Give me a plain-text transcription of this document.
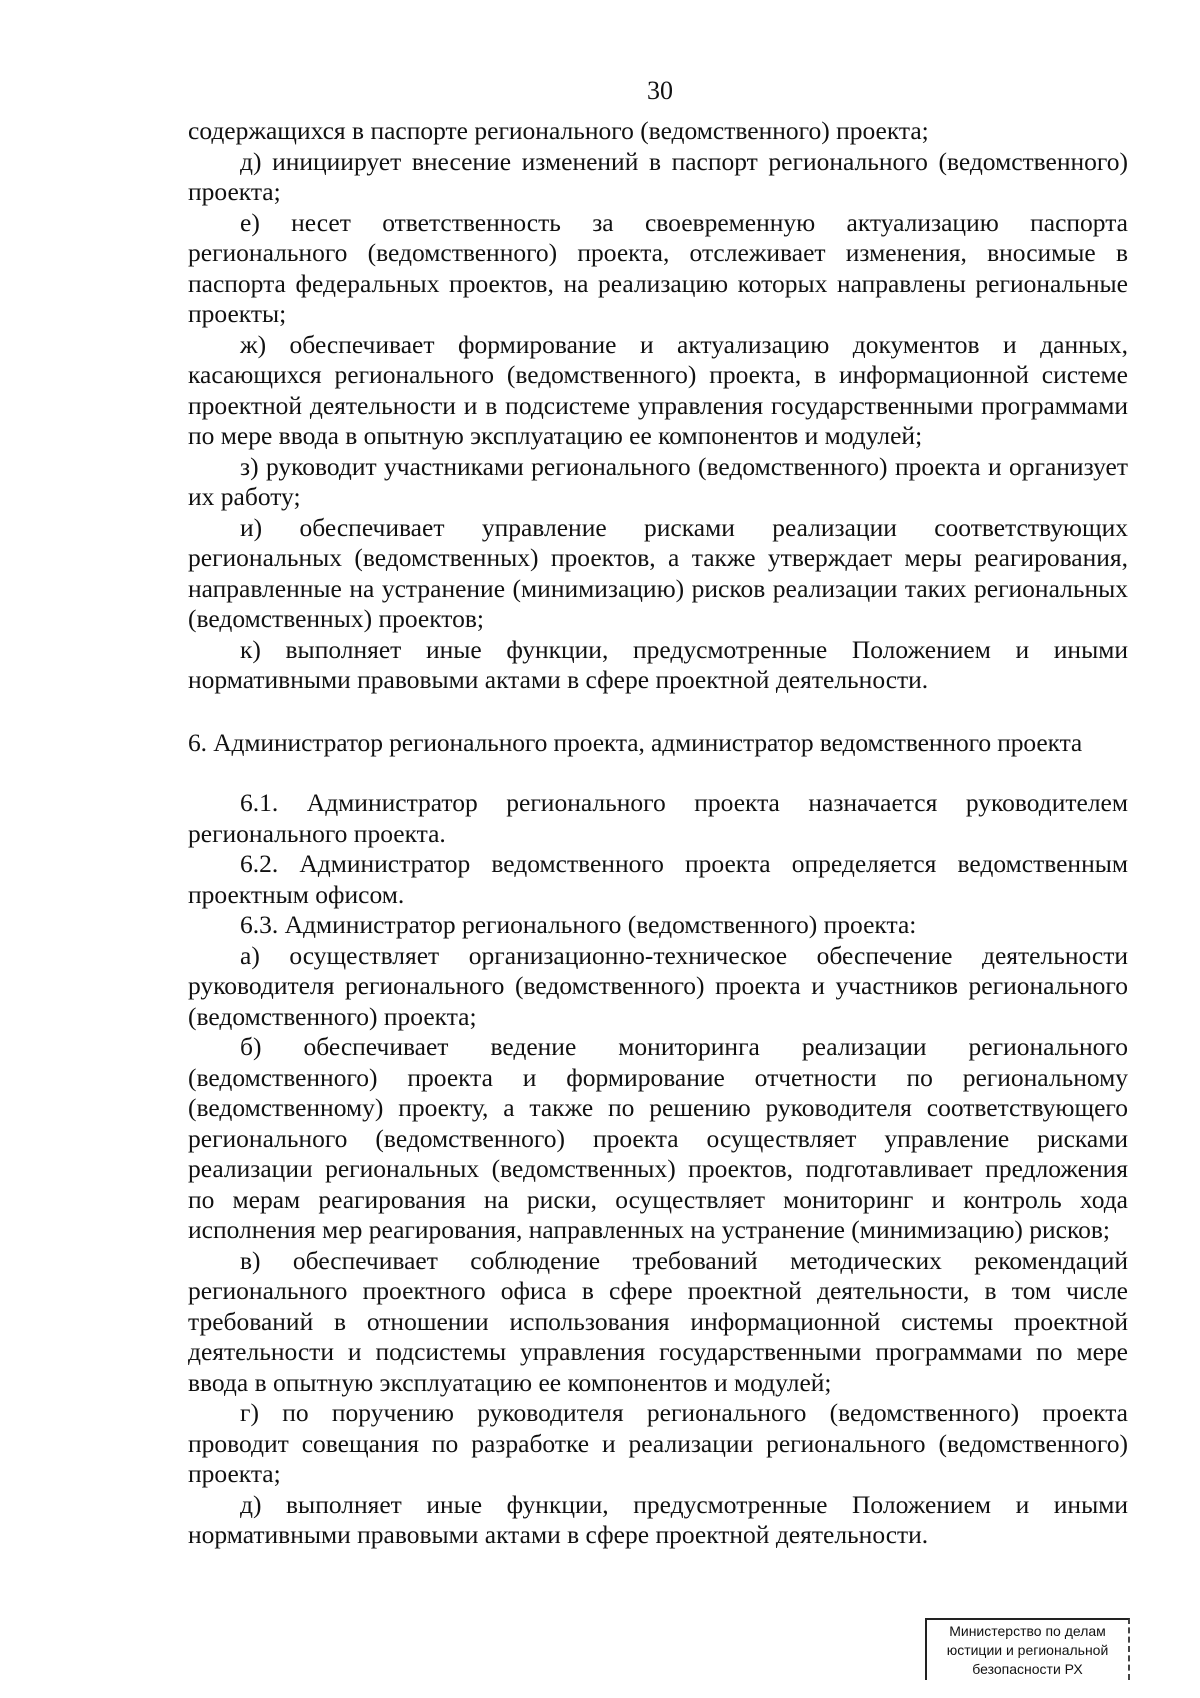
30

содержащихся в паспорте регионального (ведомственного) проекта;

д) инициирует внесение изменений в паспорт регионального (ведомственного) проекта;

е) несет ответственность за своевременную актуализацию паспорта регионального (ведомственного) проекта, отслеживает изменения, вносимые в паспорта федеральных проектов, на реализацию которых направлены региональные проекты;

ж) обеспечивает формирование и актуализацию документов и данных, касающихся регионального (ведомственного) проекта, в информационной системе проектной деятельности и в подсистеме управления государственными программами по мере ввода в опытную эксплуатацию ее компонентов и модулей;

з) руководит участниками регионального (ведомственного) проекта и организует их работу;

и) обеспечивает управление рисками реализации соответствующих региональных (ведомственных) проектов, а также утверждает меры реагирования, направленные на устранение (минимизацию) рисков реализации таких региональных (ведомственных) проектов;

к) выполняет иные функции, предусмотренные Положением и иными нормативными правовыми актами в сфере проектной деятельности.

6. Администратор регионального проекта, администратор ведомственного проекта

6.1. Администратор регионального проекта назначается руководителем регионального проекта.

6.2. Администратор ведомственного проекта определяется ведомственным проектным офисом.

6.3. Администратор регионального (ведомственного) проекта:

а) осуществляет организационно-техническое обеспечение деятельности руководителя регионального (ведомственного) проекта и участников регионального (ведомственного) проекта;

б) обеспечивает ведение мониторинга реализации регионального (ведомственного) проекта и формирование отчетности по региональному (ведомственному) проекту, а также по решению руководителя соответствующего регионального (ведомственного) проекта осуществляет управление рисками реализации региональных (ведомственных) проектов, подготавливает предложения по мерам реагирования на риски, осуществляет мониторинг и контроль хода исполнения мер реагирования, направленных на устранение (минимизацию) рисков;

в) обеспечивает соблюдение требований методических рекомендаций регионального проектного офиса в сфере проектной деятельности, в том числе требований в отношении использования информационной системы проектной деятельности и подсистемы управления государственными программами по мере ввода в опытную эксплуатацию ее компонентов и модулей;

г) по поручению руководителя регионального (ведомственного) проекта проводит совещания по разработке и реализации регионального (ведомственного) проекта;

д) выполняет иные функции, предусмотренные Положением и иными нормативными правовыми актами в сфере проектной деятельности.

Министерство по делам
юстиции и региональной
безопасности РХ
